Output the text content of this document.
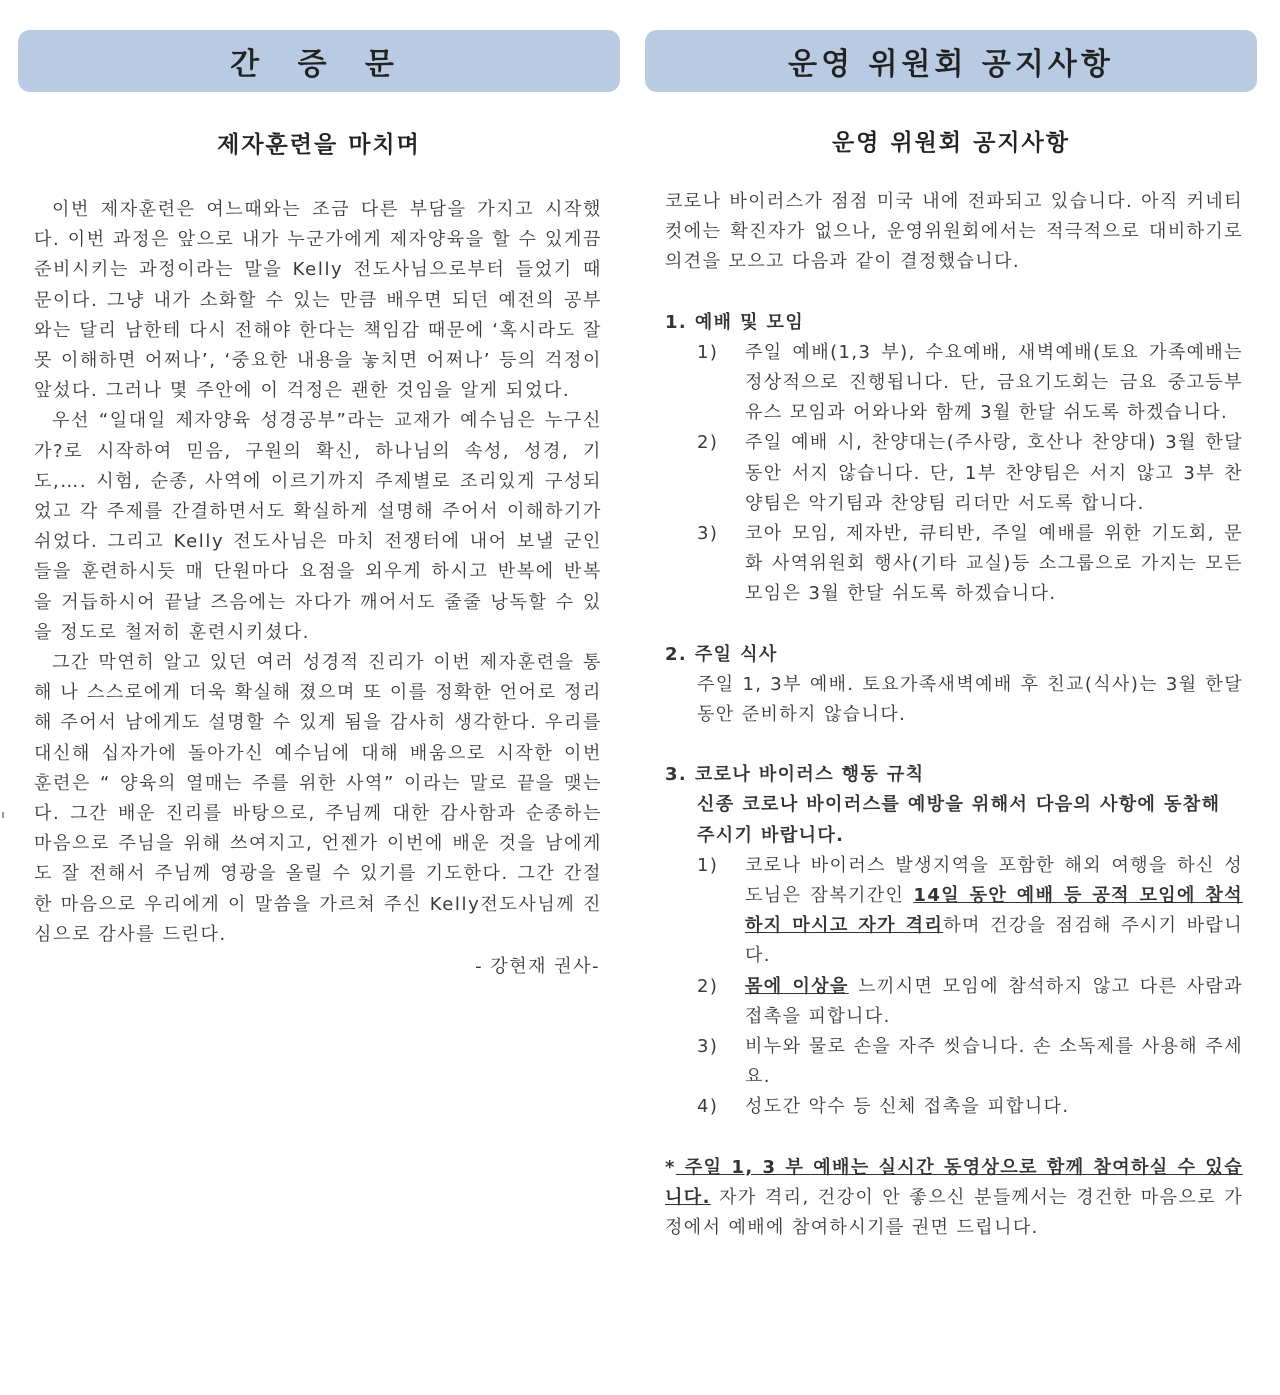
간 증 문
제자훈련을 마치며

이번 제자훈련은 여느때와는 조금 다른 부담을 가지고 시작했다. 이번 과정은 앞으로 내가 누군가에게 제자양육을 할 수 있게끔 준비시키는 과정이라는 말을 Kelly 전도사님으로부터 들었기 때문이다. 그냥 내가 소화할 수 있는 만큼 배우면 되던 예전의 공부와는 달리 남한테 다시 전해야 한다는 책임감 때문에 ‘혹시라도 잘 못 이해하면 어쩌나’, ‘중요한 내용을 놓치면 어쩌나’ 등의 걱정이 앞섰다. 그러나 몇 주안에 이 걱정은 괜한 것임을 알게 되었다.

우선 “일대일 제자양육 성경공부”라는 교재가 예수님은 누구신가?로 시작하여 믿음, 구원의 확신, 하나님의 속성, 성경, 기도,…. 시험, 순종, 사역에 이르기까지 주제별로 조리있게 구성되었고 각 주제를 간결하면서도 확실하게 설명해 주어서 이해하기가 쉬었다. 그리고 Kelly 전도사님은 마치 전쟁터에 내어 보낼 군인들을 훈련하시듯 매 단원마다 요점을 외우게 하시고 반복에 반복을 거듭하시어 끝날 즈음에는 자다가 깨어서도 줄줄 낭독할 수 있을 정도로 철저히 훈련시키셨다.

그간 막연히 알고 있던 여러 성경적 진리가 이번 제자훈련을 통해 나 스스로에게 더욱 확실해 졌으며 또 이를 정확한 언어로 정리해 주어서 남에게도 설명할 수 있게 됨을 감사히 생각한다. 우리를 대신해 십자가에 돌아가신 예수님에 대해 배움으로 시작한 이번 훈련은 “ 양육의 열매는 주를 위한 사역” 이라는 말로 끝을 맺는다. 그간 배운 진리를 바탕으로, 주님께 대한 감사함과 순종하는 마음으로 주님을 위해 쓰여지고, 언젠가 이번에 배운 것을 남에게도 잘 전해서 주님께 영광을 올릴 수 있기를 기도한다. 그간 간절한 마음으로 우리에게 이 말씀을 가르쳐 주신 Kelly전도사님께 진심으로 감사를 드린다.

- 강현재 권사-
운영 위원회 공지사항
운영 위원회 공지사항

코로나 바이러스가 점점 미국 내에 전파되고 있습니다. 아직 커네티컷에는 확진자가 없으나, 운영위원회에서는 적극적으로 대비하기로 의견을 모으고 다음과 같이 결정했습니다.

1. 예배 및 모임
1)	주일 예배(1,3 부), 수요예배, 새벽예배(토요 가족예배는 정상적으로 진행됩니다. 단, 금요기도회는 금요 중고등부 유스 모임과 어와나와 함께 3월 한달 쉬도록 하겠습니다.
2)	주일 예배 시, 찬양대는(주사랑, 호산나 찬양대) 3월 한달 동안 서지 않습니다. 단, 1부 찬양팀은 서지 않고 3부 찬양팀은 악기팀과 찬양팀 리더만 서도록 합니다.
3)	코아 모임, 제자반, 큐티반, 주일 예배를 위한 기도회, 문화 사역위원회 행사(기타 교실)등 소그룹으로 가지는 모든 모임은 3월 한달 쉬도록 하겠습니다.
2. 주일 식사

주일 1, 3부 예배. 토요가족새벽예배 후 친교(식사)는 3월 한달 동안 준비하지 않습니다.

3. 코로나 바이러스 행동 규칙

신종 코로나 바이러스를 예방을 위해서 다음의 사항에 동참해 주시기 바랍니다.

1)	코로나 바이러스 발생지역을 포함한 해외 여행을 하신 성도님은 잠복기간인 14일 동안 예배 등 공적 모임에 참석하지 마시고 자가 격리하며 건강을 점검해 주시기 바랍니다.
2)	몸에 이상을 느끼시면 모임에 참석하지 않고 다른 사람과 접촉을 피합니다.
3)	비누와 물로 손을 자주 씻습니다. 손 소독제를 사용해 주세요.
4)	성도간 악수 등 신체 접촉을 피합니다.

* 주일 1, 3 부 예배는 실시간 동영상으로 함께 참여하실 수 있습니다. 자가 격리, 건강이 안 좋으신 분들께서는 경건한 마음으로 가정에서 예배에 참여하시기를 권면 드립니다.
